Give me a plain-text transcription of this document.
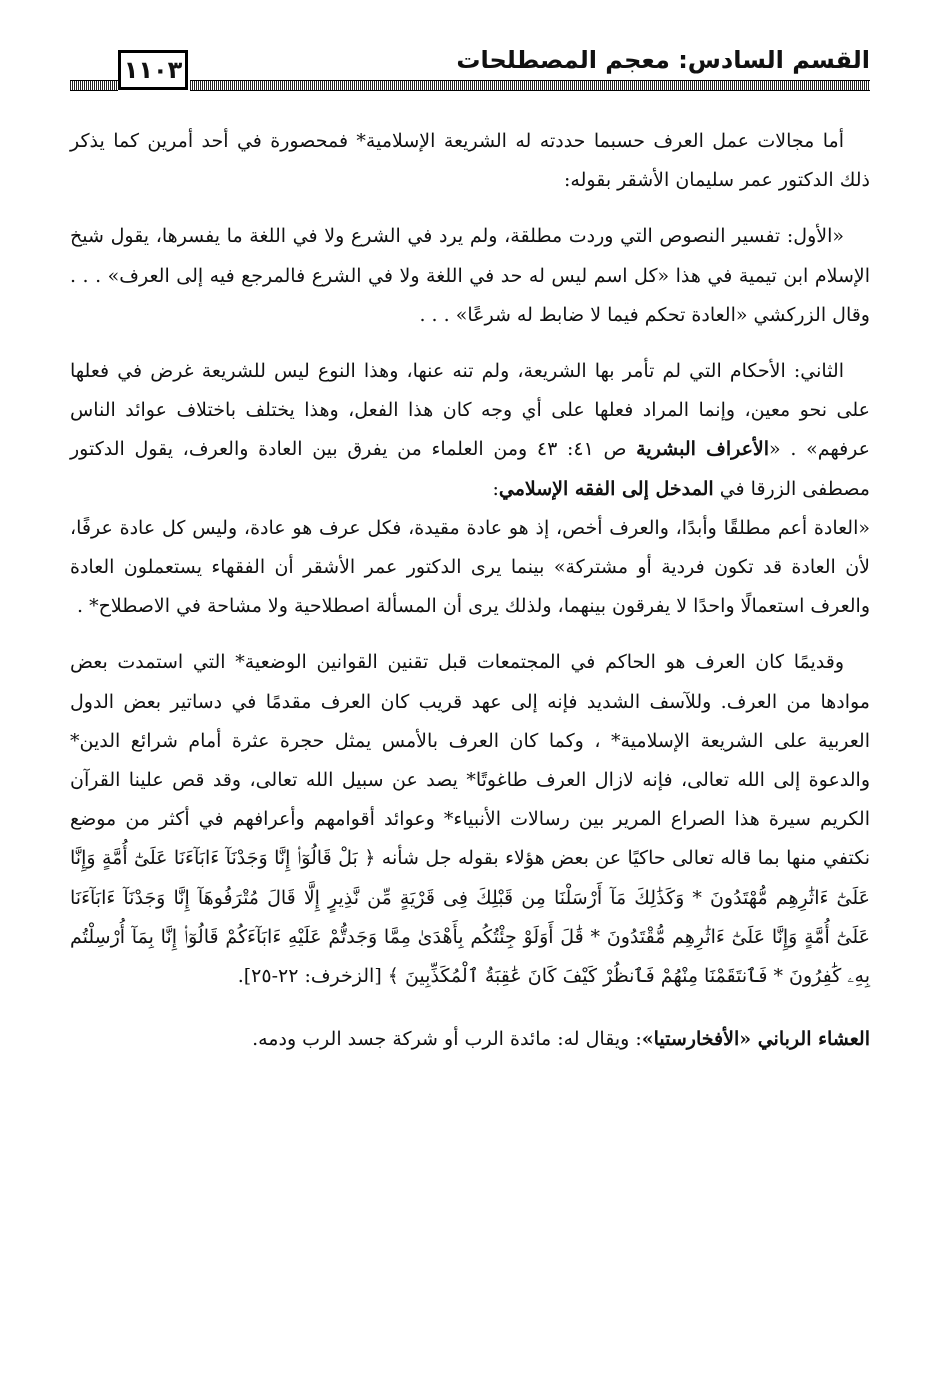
القسم السادس: معجم المصطلحات
١١٠٣

أما مجالات عمل العرف حسبما حددته له الشريعة الإسلامية* فمحصورة في أحد أمرين كما يذكر ذلك الدكتور عمر سليمان الأشقر بقوله:

«الأول: تفسير النصوص التي وردت مطلقة، ولم يرد في الشرع ولا في اللغة ما يفسرها، يقول شيخ الإسلام ابن تيمية في هذا «كل اسم ليس له حد في اللغة ولا في الشرع فالمرجع فيه إلى العرف» . . . وقال الزركشي «العادة تحكم فيما لا ضابط له شرعًا» . . .

الثاني: الأحكام التي لم تأمر بها الشريعة، ولم تنه عنها، وهذا النوع ليس للشريعة غرض في فعلها على نحو معين، وإنما المراد فعلها على أي وجه كان هذا الفعل، وهذا يختلف باختلاف عوائد الناس عرفهم» . «الأعراف البشرية ص ٤١: ٤٣ ومن العلماء من يفرق بين العادة والعرف، يقول الدكتور مصطفى الزرقا في المدخل إلى الفقه الإسلامي:

«العادة أعم مطلقًا وأبدًا، والعرف أخص، إذ هو عادة مقيدة، فكل عرف هو عادة، وليس كل عادة عرفًا، لأن العادة قد تكون فردية أو مشتركة» بينما يرى الدكتور عمر الأشقر أن الفقهاء يستعملون العادة والعرف استعمالًا واحدًا لا يفرقون بينهما، ولذلك يرى أن المسألة اصطلاحية ولا مشاحة في الاصطلاح* .

وقديمًا كان العرف هو الحاكم في المجتمعات قبل تقنين القوانين الوضعية* التي استمدت بعض موادها من العرف. وللآسف الشديد فإنه إلى عهد قريب كان العرف مقدمًا في دساتير بعض الدول العربية على الشريعة الإسلامية* ، وكما كان العرف بالأمس يمثل حجرة عثرة أمام شرائع الدين* والدعوة إلى الله تعالى، فإنه لازال العرف طاغوتًا* يصد عن سبيل الله تعالى، وقد قص علينا القرآن الكريم سيرة هذا الصراع المرير بين رسالات الأنبياء* وعوائد أقوامهم وأعرافهم في أكثر من موضع نكتفي منها بما قاله تعالى حاكيًا عن بعض هؤلاء بقوله جل شأنه ﴿ بَلْ قَالُوٓا۟ إِنَّا وَجَدْنَآ ءَابَآءَنَا عَلَىٰٓ أُمَّةٍ وَإِنَّا عَلَىٰٓ ءَاثَٰرِهِم مُّهْتَدُونَ * وَكَذَٰلِكَ مَآ أَرْسَلْنَا مِن قَبْلِكَ فِى قَرْيَةٍ مِّن نَّذِيرٍ إِلَّا قَالَ مُتْرَفُوهَآ إِنَّا وَجَدْنَآ ءَابَآءَنَا عَلَىٰٓ أُمَّةٍ وَإِنَّا عَلَىٰٓ ءَاثَٰرِهِم مُّقْتَدُونَ * قَٰلَ أَوَلَوْ جِئْتُكُم بِأَهْدَىٰ مِمَّا وَجَدتُّمْ عَلَيْهِ ءَابَآءَكُمْ قَالُوٓا۟ إِنَّا بِمَآ أُرْسِلْتُم بِهِۦ كَٰفِرُونَ * فَٱنتَقَمْنَا مِنْهُمْ فَٱنظُرْ كَيْفَ كَانَ عَٰقِبَةُ ٱلْمُكَذِّبِينَ ﴾ [الزخرف: ٢٢-٢٥].

العشاء الرباني «الأفخارستيا»: ويقال له: مائدة الرب أو شركة جسد الرب ودمه.
